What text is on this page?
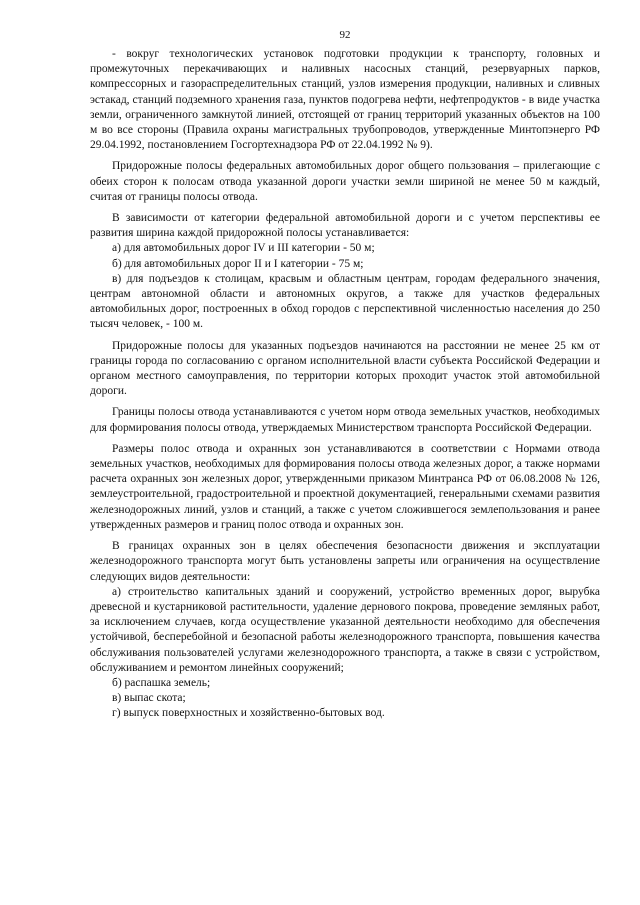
92

- вокруг технологических установок подготовки продукции к транспорту, головных и промежуточных перекачивающих и наливных насосных станций, резервуарных парков, компрессорных и газораспределительных станций, узлов измерения продукции, наливных и сливных эстакад, станций подземного хранения газа, пунктов подогрева нефти, нефтепродуктов - в виде участка земли, ограниченного замкнутой линией, отстоящей от границ территорий указанных объектов на 100 м во все стороны (Правила охраны магистральных трубопроводов, утвержденные Минтопэнерго РФ 29.04.1992, постановлением Госгортехнадзора РФ от 22.04.1992 № 9).

Придорожные полосы федеральных автомобильных дорог общего пользования – прилегающие с обеих сторон к полосам отвода указанной дороги участки земли шириной не менее 50 м каждый, считая от границы полосы отвода.

В зависимости от категории федеральной автомобильной дороги и с учетом перспективы ее развития ширина каждой придорожной полосы устанавливается:

а) для автомобильных дорог IV и III категории - 50 м;

б) для автомобильных дорог II и I категории - 75 м;

в) для подъездов к столицам, красвым и областным центрам, городам федерального значения, центрам автономной области и автономных округов, а также для участков федеральных автомобильных дорог, построенных в обход городов с перспективной численностью населения до 250 тысяч человек, - 100 м.

Придорожные полосы для указанных подъездов начинаются на расстоянии не менее 25 км от границы города по согласованию с органом исполнительной власти субъекта Российской Федерации и органом местного самоуправления, по территории которых проходит участок этой автомобильной дороги.

Границы полосы отвода устанавливаются с учетом норм отвода земельных участков, необходимых для формирования полосы отвода, утверждаемых Министерством транспорта Российской Федерации.

Размеры полос отвода и охранных зон устанавливаются в соответствии с Нормами отвода земельных участков, необходимых для формирования полосы отвода железных дорог, а также нормами расчета охранных зон железных дорог, утвержденными приказом Минтранса РФ от 06.08.2008 № 126, землеустроительной, градостроительной и проектной документацией, генеральными схемами развития железнодорожных линий, узлов и станций, а также с учетом сложившегося землепользования и ранее утвержденных размеров и границ полос отвода и охранных зон.

В границах охранных зон в целях обеспечения безопасности движения и эксплуатации железнодорожного транспорта могут быть установлены запреты или ограничения на осуществление следующих видов деятельности:

а) строительство капитальных зданий и сооружений, устройство временных дорог, вырубка древесной и кустарниковой растительности, удаление дернового покрова, проведение земляных работ, за исключением случаев, когда осуществление указанной деятельности необходимо для обеспечения устойчивой, бесперебойной и безопасной работы железнодорожного транспорта, повышения качества обслуживания пользователей услугами железнодорожного транспорта, а также в связи с устройством, обслуживанием и ремонтом линейных сооружений;

б) распашка земель;

в) выпас скота;

г) выпуск поверхностных и хозяйственно-бытовых вод.
